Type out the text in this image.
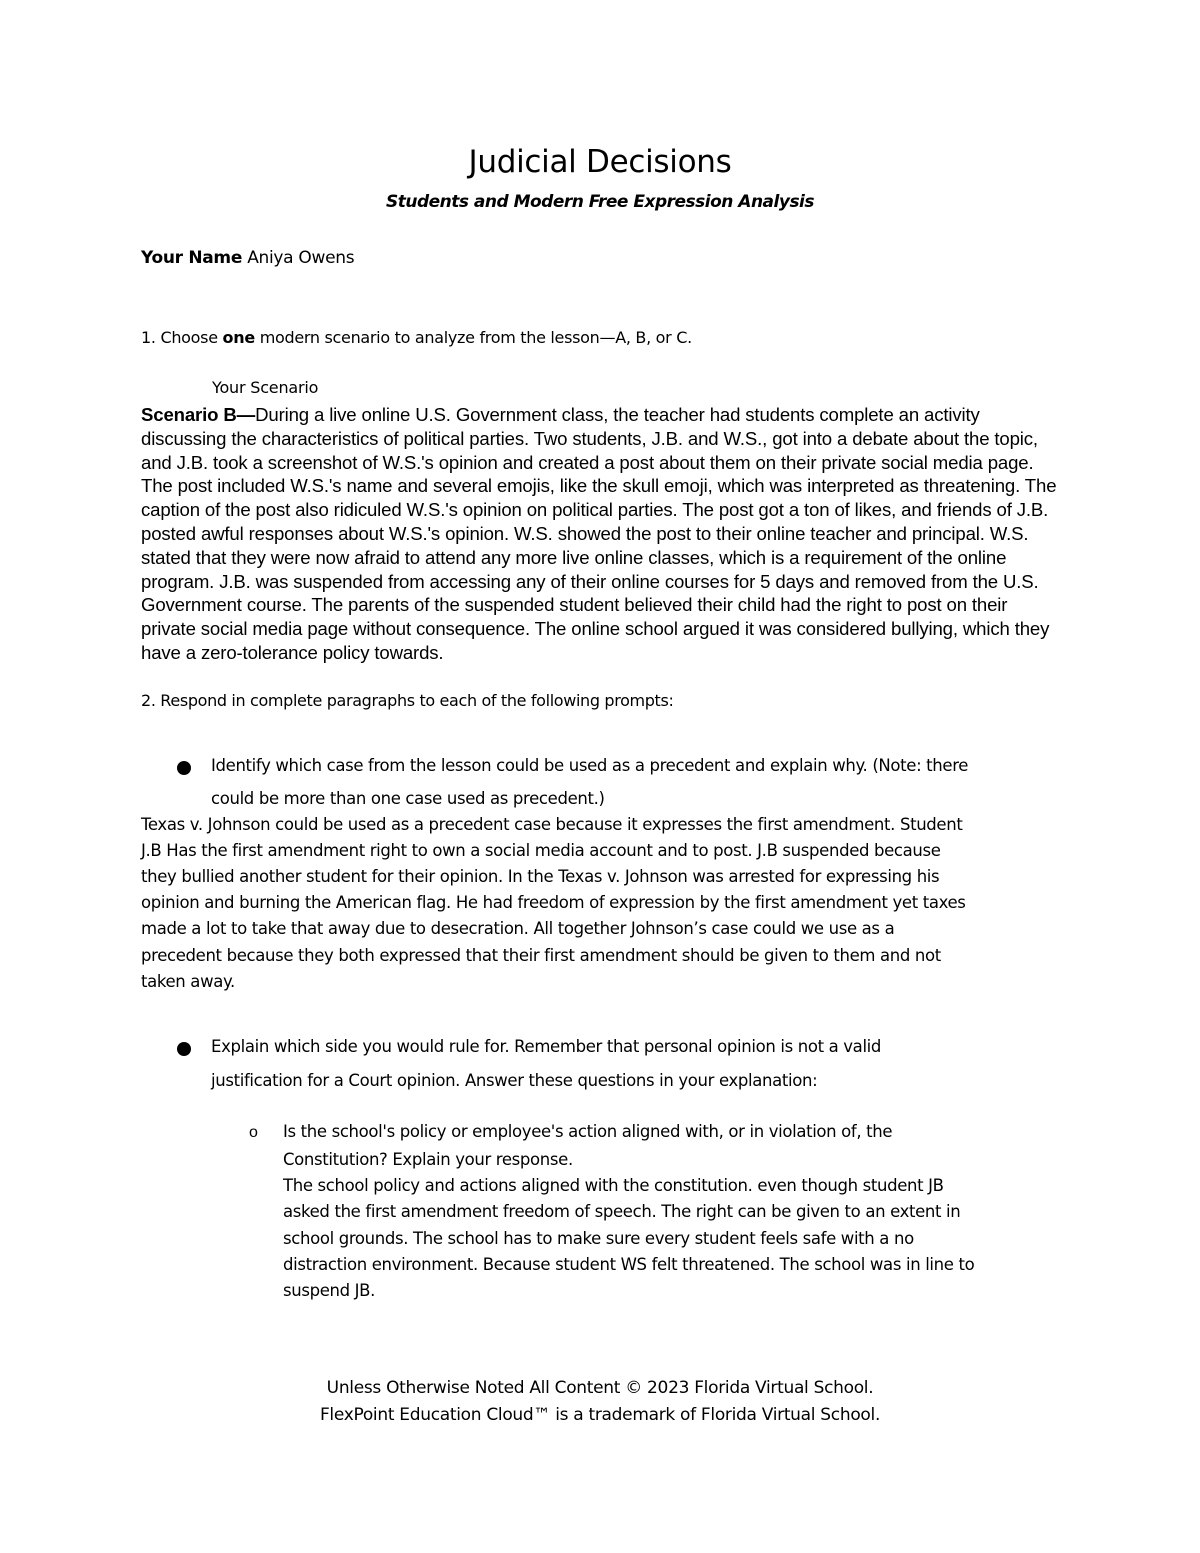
Judicial Decisions
Students and Modern Free Expression Analysis
Your Name Aniya Owens
1. Choose one modern scenario to analyze from the lesson—A, B, or C.
Your Scenario
Scenario B—During a live online U.S. Government class, the teacher had students complete an activity discussing the characteristics of political parties. Two students, J.B. and W.S., got into a debate about the topic, and J.B. took a screenshot of W.S.'s opinion and created a post about them on their private social media page. The post included W.S.'s name and several emojis, like the skull emoji, which was interpreted as threatening. The caption of the post also ridiculed W.S.'s opinion on political parties. The post got a ton of likes, and friends of J.B. posted awful responses about W.S.'s opinion. W.S. showed the post to their online teacher and principal. W.S. stated that they were now afraid to attend any more live online classes, which is a requirement of the online program. J.B. was suspended from accessing any of their online courses for 5 days and removed from the U.S. Government course. The parents of the suspended student believed their child had the right to post on their private social media page without consequence. The online school argued it was considered bullying, which they have a zero-tolerance policy towards.
2. Respond in complete paragraphs to each of the following prompts:
Identify which case from the lesson could be used as a precedent and explain why. (Note: there
could be more than one case used as precedent.)
Texas v. Johnson could be used as a precedent case because it expresses the first amendment. Student
J.B Has the first amendment right to own a social media account and to post. J.B suspended because
they bullied another student for their opinion. In the Texas v. Johnson was arrested for expressing his
opinion and burning the American flag. He had freedom of expression by the first amendment yet taxes
made a lot to take that away due to desecration. All together Johnson’s case could we use as a
precedent because they both expressed that their first amendment should be given to them and not
taken away.
Explain which side you would rule for. Remember that personal opinion is not a valid
justification for a Court opinion. Answer these questions in your explanation:
o Is the school's policy or employee's action aligned with, or in violation of, the
Constitution? Explain your response.
The school policy and actions aligned with the constitution. even though student JB
asked the first amendment freedom of speech. The right can be given to an extent in
school grounds. The school has to make sure every student feels safe with a no
distraction environment. Because student WS felt threatened. The school was in line to
suspend JB.
Unless Otherwise Noted All Content © 2023 Florida Virtual School.
FlexPoint Education Cloud™ is a trademark of Florida Virtual School.
